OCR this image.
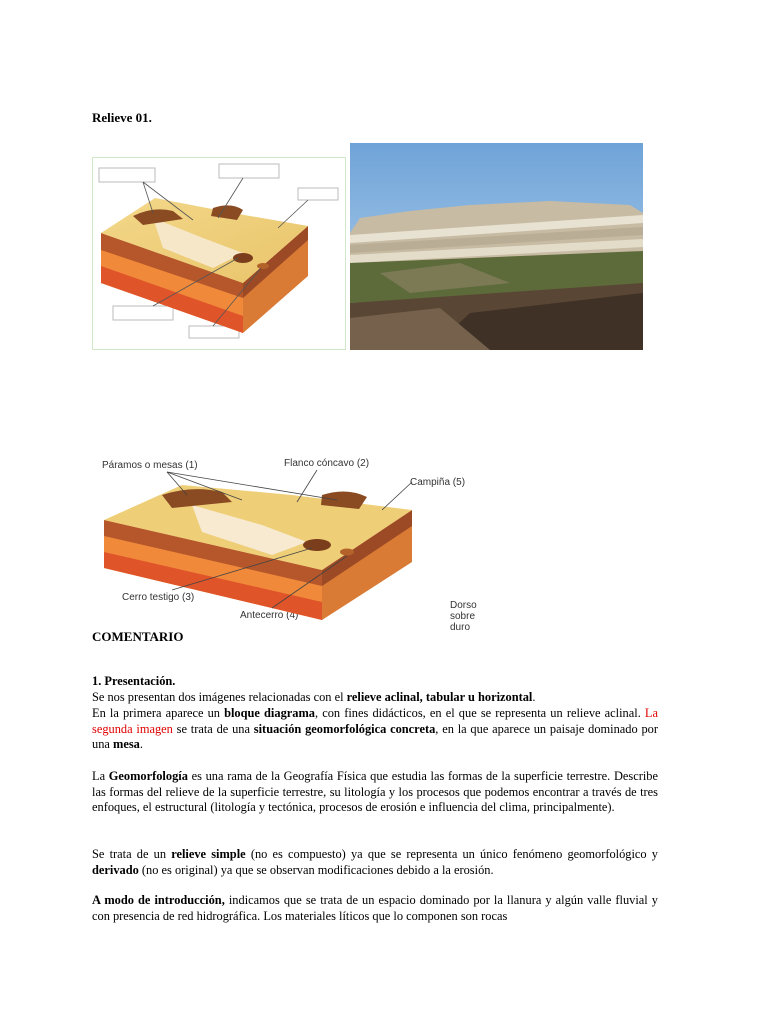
Relieve 01.
Páramos o mesas (1)	Flanco cóncavo (2)
Campiña (5)
Cerro testigo (3)
Antecerro (4)
Dorso
sobre
duro
COMENTARIO
1. Presentación.
Se nos presentan dos imágenes relacionadas con el relieve aclinal, tabular u horizontal.
En la primera aparece un bloque diagrama, con fines didácticos, en el que se representa un relieve aclinal. La segunda imagen se trata de una situación geomorfológica concreta, en la que aparece un paisaje dominado por una mesa.
La Geomorfología es una rama de la Geografía Física que estudia las formas de la superficie terrestre. Describe las formas del relieve de la superficie terrestre, su litología y los procesos que podemos encontrar a través de tres enfoques, el estructural (litología y tectónica, procesos de erosión e influencia del clima, principalmente).
Se trata de un relieve simple (no es compuesto) ya que se representa un único fenómeno geomorfológico y derivado (no es original) ya que se observan modificaciones debido a la erosión.
A modo de introducción, indicamos que se trata de un espacio dominado por la llanura y algún valle fluvial y con presencia de red hidrográfica. Los materiales líticos que lo componen son rocas
